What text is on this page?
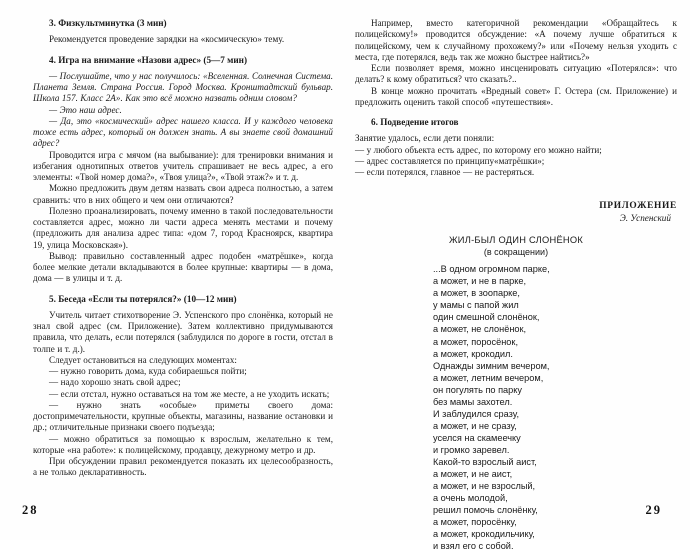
3. Физкультминутка (3 мин)

Рекомендуется проведение зарядки на «космическую» тему.

4. Игра на внимание «Назови адрес» (5—7 мин)

— Послушайте, что у нас получилось: «Вселенная. Солнечная Система. Планета Земля. Страна Россия. Город Москва. Кронштадтский бульвар. Школа 157. Класс 2А». Как это всё можно назвать одним словом?

— Это наш адрес.

— Да, это «космический» адрес нашего класса. И у каждого человека тоже есть адрес, который он должен знать. А вы знаете свой домашний адрес?

Проводится игра с мячом (на выбывание): для тренировки внимания и избегания однотипных ответов учитель спрашивает не весь адрес, а его элементы: «Твой номер дома?», «Твоя улица?», «Твой этаж?» и т. д.

Можно предложить двум детям назвать свои адреса полностью, а затем сравнить: что в них общего и чем они отличаются?

Полезно проанализировать, почему именно в такой последовательности составляется адрес, можно ли части адреса менять местами и почему (предложить для анализа адрес типа: «дом 7, город Красноярск, квартира 19, улица Московская»).

Вывод: правильно составленный адрес подобен «матрёшке», когда более мелкие детали вкладываются в более крупные: квартиры — в дома, дома — в улицы и т. д.

5. Беседа «Если ты потерялся?» (10—12 мин)

Учитель читает стихотворение Э. Успенского про слонёнка, который не знал свой адрес (см. Приложение). Затем коллективно придумываются правила, что делать, если потерялся (заблудился по дороге в гости, отстал в толпе и т. д.).

Следует остановиться на следующих моментах:

— нужно говорить дома, куда собираешься пойти;

— надо хорошо знать свой адрес;

— если отстал, нужно оставаться на том же месте, а не уходить искать;

— нужно знать «особые» приметы своего дома: достопримечательности, крупные объекты, магазины, название остановки и др.; отличительные признаки своего подъезда;

— можно обратиться за помощью к взрослым, желательно к тем, которые «на работе»: к полицейскому, продавцу, дежурному метро и др.

При обсуждении правил рекомендуется показать их целесообразность, а не только декларативность.

28

Например, вместо категоричной рекомендации «Обращайтесь к полицейскому!» проводится обсуждение: «А почему лучше обратиться к полицейскому, чем к случайному прохожему?» или «Почему нельзя уходить с места, где потерялся, ведь так же можно быстрее найтись?»

Если позволяет время, можно инсценировать ситуацию «Потерялся»: что делать? к кому обратиться? что сказать?..

В конце можно прочитать «Вредный совет» Г. Остера (см. Приложение) и предложить оценить такой способ «путешествия».

6. Подведение итогов

Занятие удалось, если дети поняли:

— у любого объекта есть адрес, по которому его можно найти;

— адрес составляется по принципу«матрёшки»;

— если потерялся, главное — не растеряться.

ПРИЛОЖЕНИЕ
Э. Успенский
ЖИЛ-БЫЛ ОДИН СЛОНЁНОК
(в сокращении)
...В одном огромном парке,
а может, и не в парке,
а может, в зоопарке,
у мамы с папой жил
один смешной слонёнок,
а может, не слонёнок,
а может, поросёнок,
а может, крокодил.
Однажды зимним вечером,
а может, летним вечером,
он погулять по парку
без мамы захотел.
И заблудился сразу,
а может, и не сразу,
уселся на скамеечку
и громко заревел.
Какой-то взрослый аист,
а может, и не аист,
а может, и не взрослый,
а очень молодой,
решил помочь слонёнку,
а может, поросёнку,
а может, крокодильчику,
и взял его с собой.
29
